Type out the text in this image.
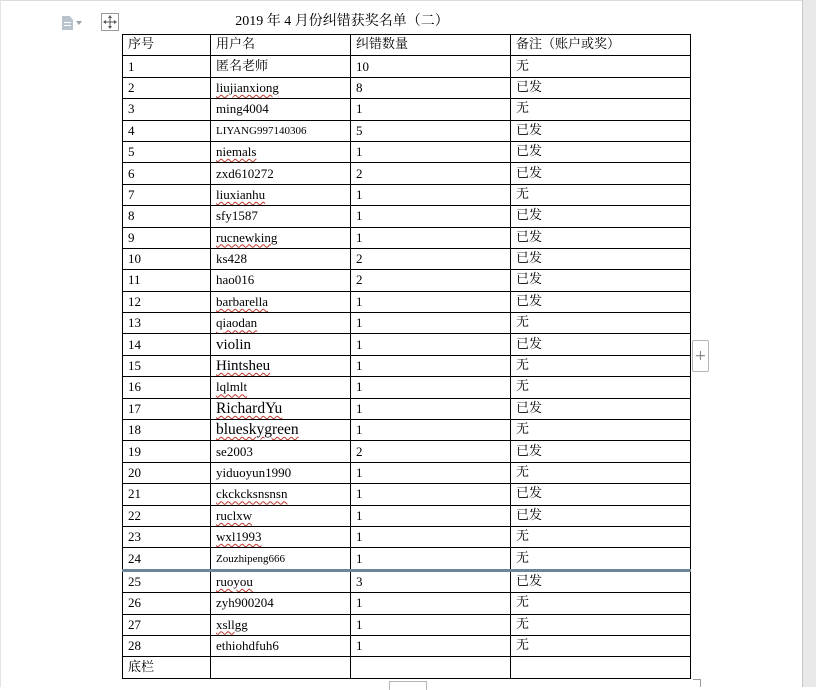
2019 年 4 月份纠错获奖名单（二）
序号	用户名	纠错数量	备注（账户或奖）
1	匿名老师	10	无
2	liujianxiong	8	已发
3	ming4004	1	无
4	LIYANG997140306	5	已发
5	niemals	1	已发
6	zxd610272	2	已发
7	liuxianhu	1	无
8	sfy1587	1	已发
9	rucnewking	1	已发
10	ks428	2	已发
11	hao016	2	已发
12	barbarella	1	已发
13	qiaodan	1	无
14	violin	1	已发
15	Hintsheu	1	无
16	lqlmlt	1	无
17	RichardYu	1	已发
18	blueskygreen	1	无
19	se2003	2	已发
20	yiduoyun1990	1	无
21	ckckcksnsnsn	1	已发
22	ruclxw	1	已发
23	wxl1993	1	无
24	Zouzhipeng666	1	无
25	ruoyou	3	已发
26	zyh900204	1	无
27	xsllgg	1	无
28	ethiohdfuh6	1	无
底栏			
+
